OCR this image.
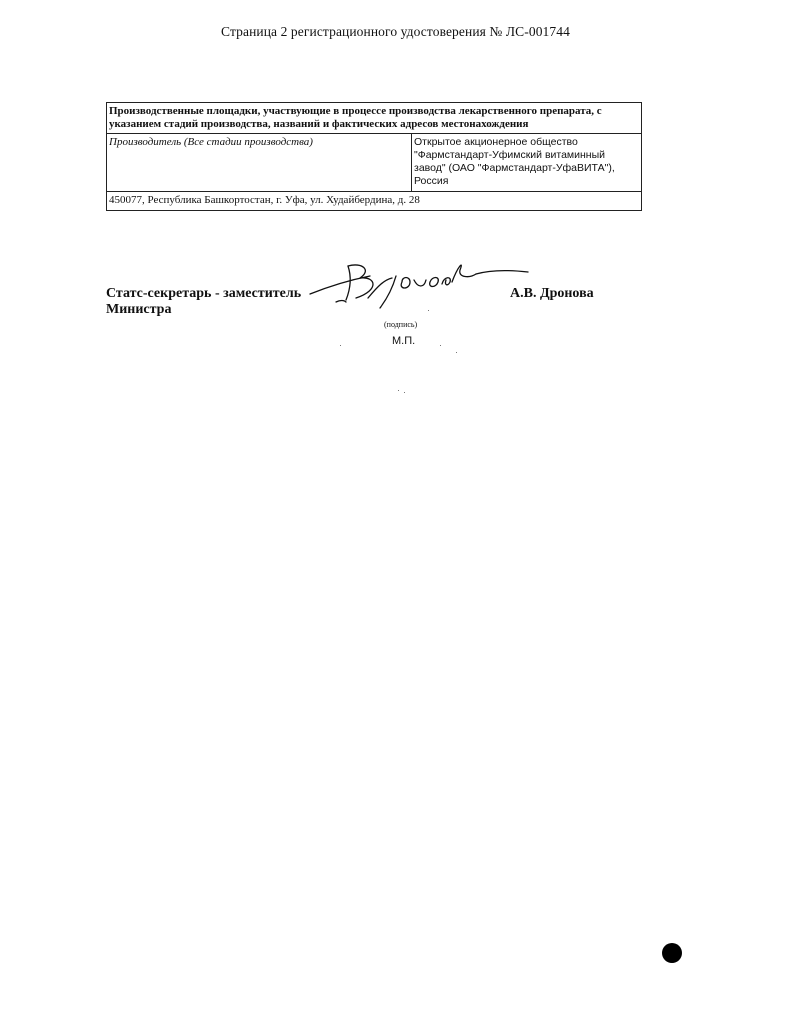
Страница 2 регистрационного удостоверения № ЛС-001744
Производственные площадки, участвующие в процессе производства лекарственного препарата, с указанием стадий производства, названий и фактических адресов местонахождения
Производитель (Все стадии производства)	Открытое акционерное общество "Фармстандарт-Уфимский витаминный завод" (ОАО "Фармстандарт-УфаВИТА"), Россия
450077, Республика Башкортостан, г. Уфа, ул. Худайбердина, д. 28
Статс-секретарь - заместитель Министра
А.В. Дронова
(подпись)
М.П.
